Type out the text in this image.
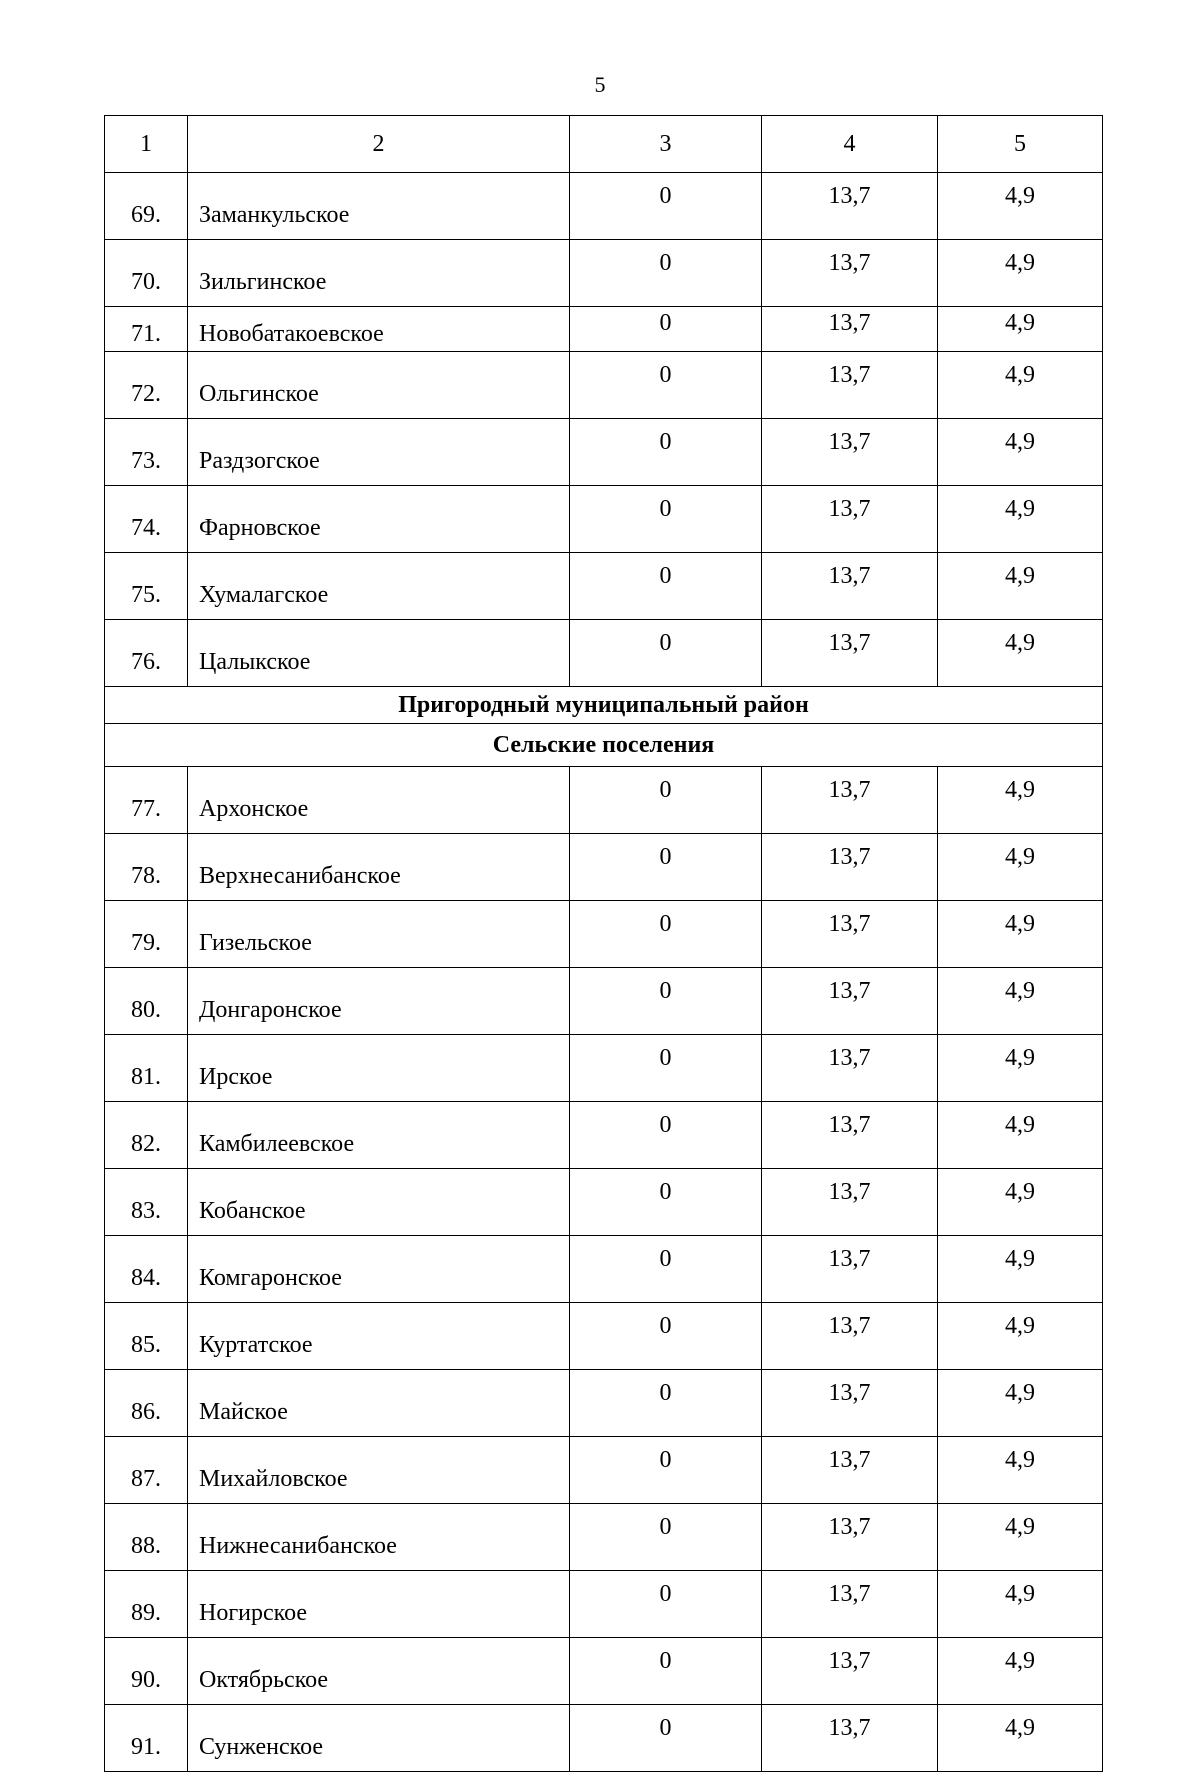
5
1	2	3	4	5
69.	Заманкульское	0	13,7	4,9
70.	Зильгинское	0	13,7	4,9
71.	Новобатакоевское	0	13,7	4,9
72.	Ольгинское	0	13,7	4,9
73.	Раздзогское	0	13,7	4,9
74.	Фарновское	0	13,7	4,9
75.	Хумалагское	0	13,7	4,9
76.	Цалыкское	0	13,7	4,9
Пригородный муниципальный район				
Сельские поселения				
77.	Архонское	0	13,7	4,9
78.	Верхнесанибанское	0	13,7	4,9
79.	Гизельское	0	13,7	4,9
80.	Донгаронское	0	13,7	4,9
81.	Ирское	0	13,7	4,9
82.	Камбилеевское	0	13,7	4,9
83.	Кобанское	0	13,7	4,9
84.	Комгаронское	0	13,7	4,9
85.	Куртатское	0	13,7	4,9
86.	Майское	0	13,7	4,9
87.	Михайловское	0	13,7	4,9
88.	Нижнесанибанское	0	13,7	4,9
89.	Ногирское	0	13,7	4,9
90.	Октябрьское	0	13,7	4,9
91.	Сунженское	0	13,7	4,9
